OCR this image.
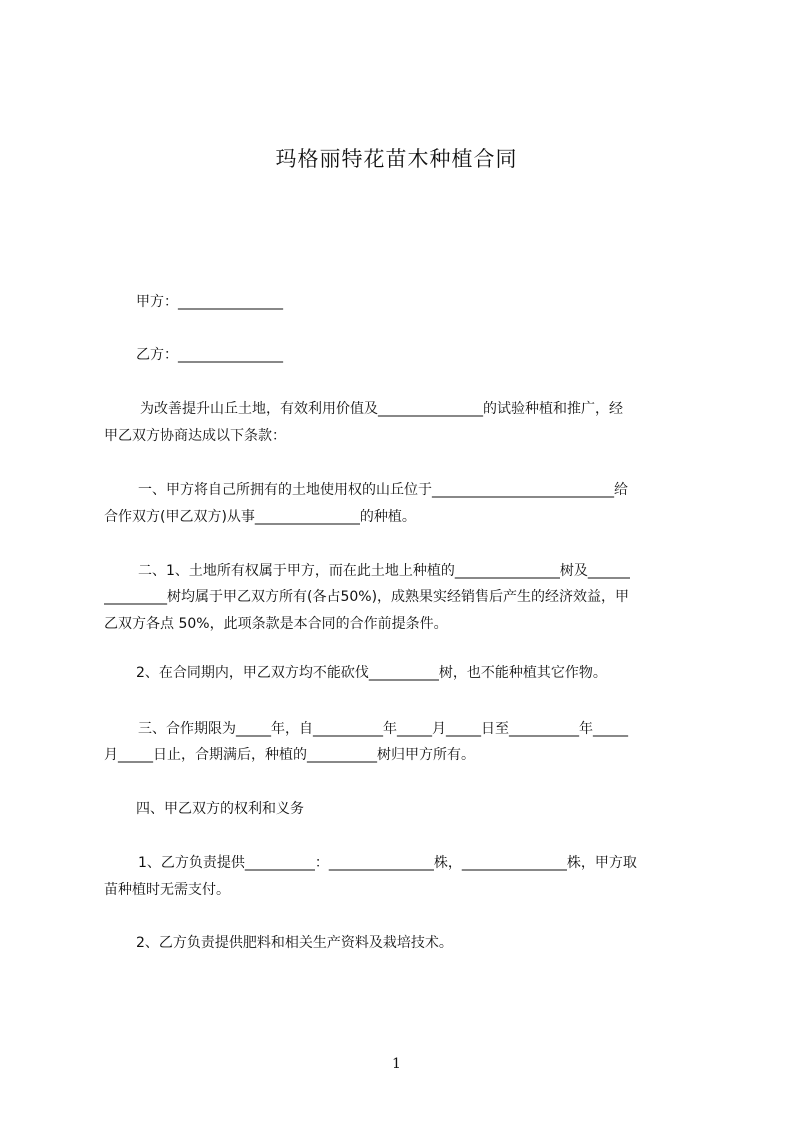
玛格丽特花苗木种植合同
甲方：_______________
乙方：_______________
为改善提升山丘土地，有效利用价值及_______________的试验种植和推广，经
甲乙双方协商达成以下条款：
一、甲方将自己所拥有的土地使用权的山丘位于__________________________给
合作双方(甲乙双方)从事_______________的种植。
二、1、土地所有权属于甲方，而在此土地上种植的_______________树及______
_________树均属于甲乙双方所有(各占50%)，成熟果实经销售后产生的经济效益，甲
乙双方各点 50%，此项条款是本合同的合作前提条件。
2、在合同期内，甲乙双方均不能砍伐__________树，也不能种植其它作物。
三、合作期限为_____年，自__________年_____月_____日至__________年_____
月_____日止，合期满后，种植的__________树归甲方所有。
四、甲乙双方的权利和义务
1、乙方负责提供__________：_______________株，_______________株，甲方取
苗种植时无需支付。
2、乙方负责提供肥料和相关生产资料及栽培技术。
1
